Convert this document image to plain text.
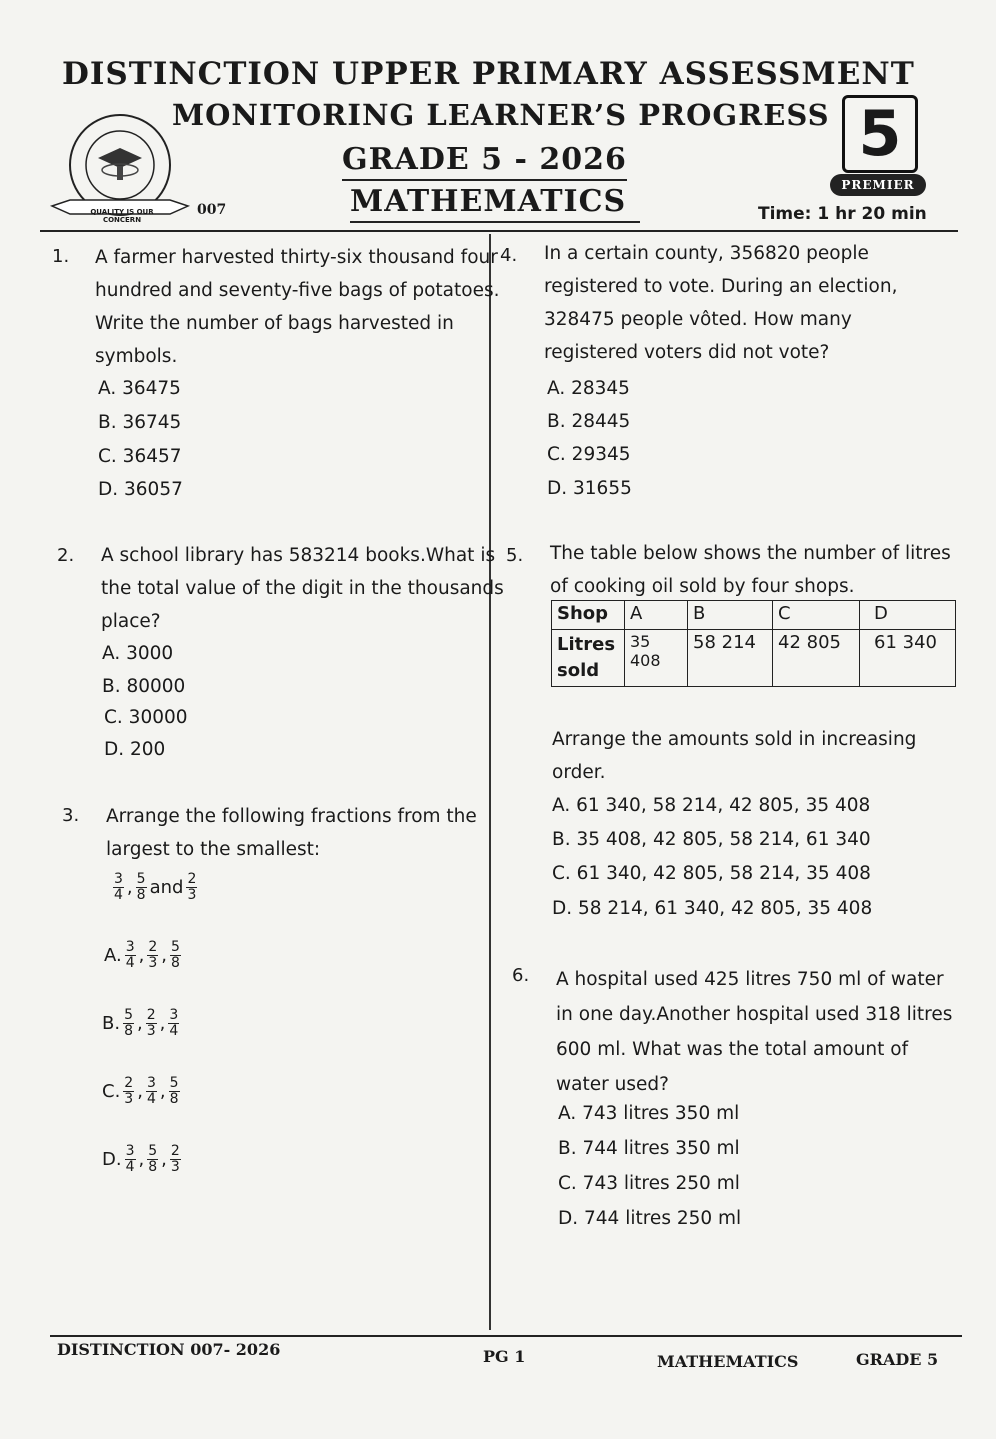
DISTINCTION UPPER PRIMARY ASSESSMENT
MONITORING LEARNER’S PROGRESS
GRADE 5 - 2026
MATHEMATICS
5
PREMIER
Time: 1 hr 20 min
007
QUALITY IS OUR CONCERN
1. A farmer harvested thirty-six thousand four
hundred and seventy-five bags of potatoes.
Write the number of bags harvested in
symbols.
A. 36475
B. 36745
C. 36457
D. 36057
2. A school library has 583214 books.What is
the total value of the digit in the thousands
place?
A. 3000
B. 80000
C. 30000
D. 200
3. Arrange the following fractions from the
largest to the smallest:
$\frac{3}{4}$ , $\frac{5}{8}$ and $\frac{2}{3}$
A. $\frac{3}{4}$ , $\frac{2}{3}$ , $\frac{5}{8}$
B. $\frac{5}{8}$ , $\frac{2}{3}$ , $\frac{3}{4}$
C. $\frac{2}{3}$ , $\frac{3}{4}$ , $\frac{5}{8}$
D. $\frac{3}{4}$ , $\frac{5}{8}$ , $\frac{2}{3}$
4. In a certain county, 356820 people
registered to vote. During an election,
328475 people vôted. How many
registered voters did not vote?
A. 28345
B. 28445
C. 29345
D. 31655
5. The table below shows the number of litres
of cooking oil sold by four shops.
Shop	A	B	C	D

Litres
sold	35 408	58 214	42 805	61 340
Arrange the amounts sold in increasing
order.
A. 61 340, 58 214, 42 805, 35 408
B. 35 408, 42 805, 58 214, 61 340
C. 61 340, 42 805, 58 214, 35 408
D. 58 214, 61 340, 42 805, 35 408
6. A hospital used 425 litres 750 ml of water
in one day.Another hospital used 318 litres
600 ml. What was the total amount of
water used?
A. 743 litres 350 ml
B. 744 litres 350 ml
C. 743 litres 250 ml
D. 744 litres 250 ml
DISTINCTION 007- 2026	PG 1	MATHEMATICS	GRADE 5
